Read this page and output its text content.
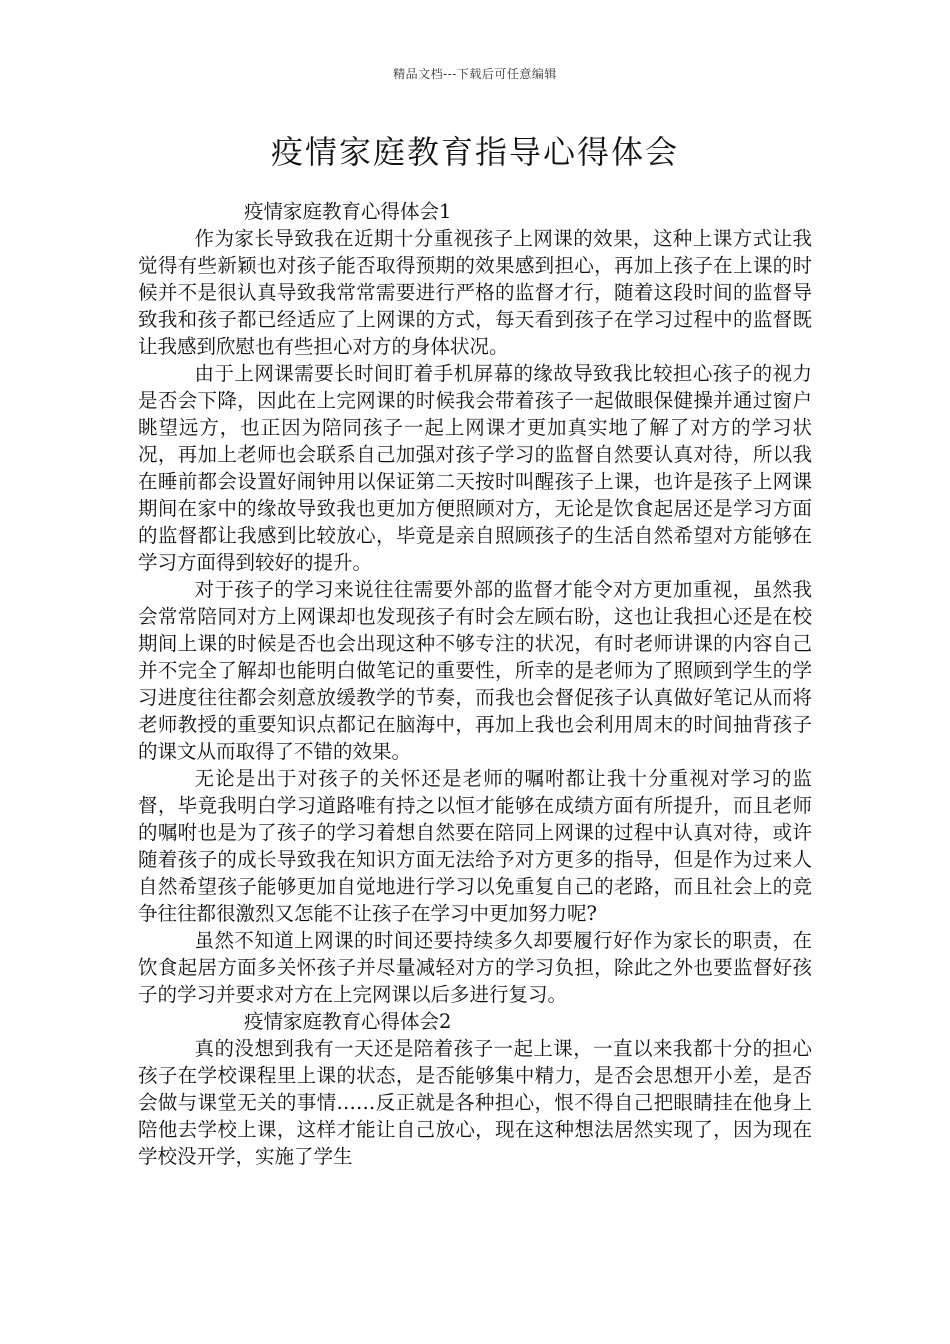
精品文档---下载后可任意编辑
疫情家庭教育指导心得体会
疫情家庭教育心得体会1

作为家长导致我在近期十分重视孩子上网课的效果，这种上课方式让我觉得有些新颖也对孩子能否取得预期的效果感到担心，再加上孩子在上课的时候并不是很认真导致我常常需要进行严格的监督才行，随着这段时间的监督导致我和孩子都已经适应了上网课的方式，每天看到孩子在学习过程中的监督既让我感到欣慰也有些担心对方的身体状况。

由于上网课需要长时间盯着手机屏幕的缘故导致我比较担心孩子的视力是否会下降，因此在上完网课的时候我会带着孩子一起做眼保健操并通过窗户眺望远方，也正因为陪同孩子一起上网课才更加真实地了解了对方的学习状况，再加上老师也会联系自己加强对孩子学习的监督自然要认真对待，所以我在睡前都会设置好闹钟用以保证第二天按时叫醒孩子上课，也许是孩子上网课期间在家中的缘故导致我也更加方便照顾对方，无论是饮食起居还是学习方面的监督都让我感到比较放心，毕竟是亲自照顾孩子的生活自然希望对方能够在学习方面得到较好的提升。

对于孩子的学习来说往往需要外部的监督才能令对方更加重视，虽然我会常常陪同对方上网课却也发现孩子有时会左顾右盼，这也让我担心还是在校期间上课的时候是否也会出现这种不够专注的状况，有时老师讲课的内容自己并不完全了解却也能明白做笔记的重要性，所幸的是老师为了照顾到学生的学习进度往往都会刻意放缓教学的节奏，而我也会督促孩子认真做好笔记从而将老师教授的重要知识点都记在脑海中，再加上我也会利用周末的时间抽背孩子的课文从而取得了不错的效果。

无论是出于对孩子的关怀还是老师的嘱咐都让我十分重视对学习的监督，毕竟我明白学习道路唯有持之以恒才能够在成绩方面有所提升，而且老师的嘱咐也是为了孩子的学习着想自然要在陪同上网课的过程中认真对待，或许随着孩子的成长导致我在知识方面无法给予对方更多的指导，但是作为过来人自然希望孩子能够更加自觉地进行学习以免重复自己的老路，而且社会上的竞争往往都很激烈又怎能不让孩子在学习中更加努力呢?

虽然不知道上网课的时间还要持续多久却要履行好作为家长的职责，在饮食起居方面多关怀孩子并尽量减轻对方的学习负担，除此之外也要监督好孩子的学习并要求对方在上完网课以后多进行复习。

疫情家庭教育心得体会2

真的没想到我有一天还是陪着孩子一起上课，一直以来我都十分的担心孩子在学校课程里上课的状态，是否能够集中精力，是否会思想开小差，是否会做与课堂无关的事情……反正就是各种担心，恨不得自己把眼睛挂在他身上陪他去学校上课，这样才能让自己放心，现在这种想法居然实现了，因为现在学校没开学，实施了学生
